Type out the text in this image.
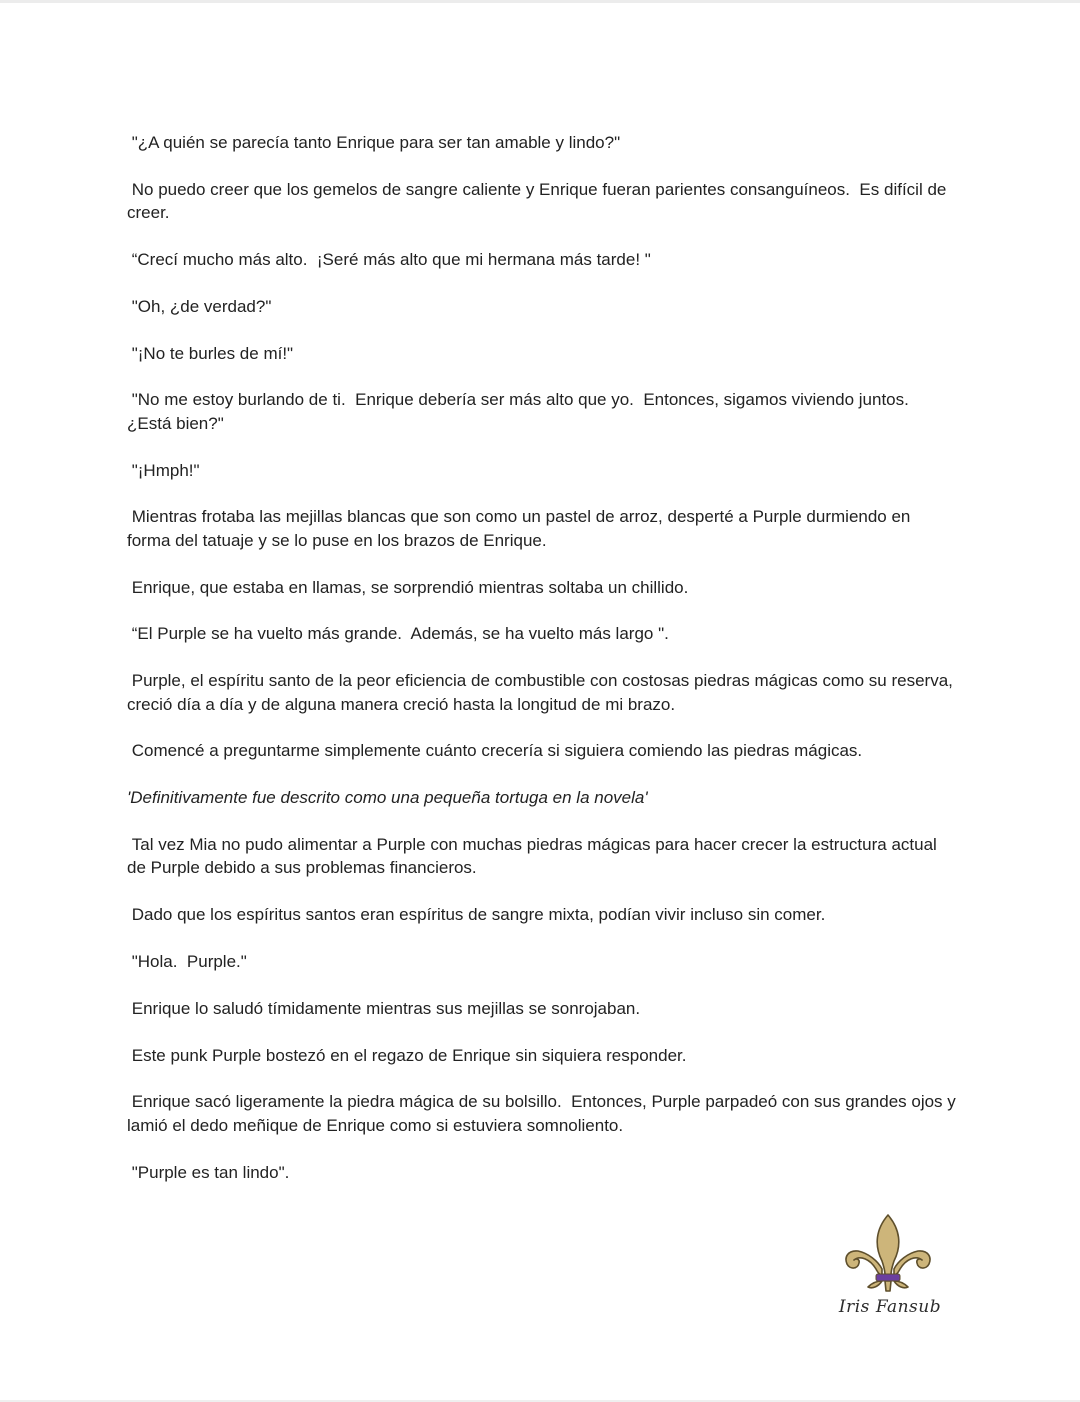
"¿A quién se parecía tanto Enrique para ser tan amable y lindo?"

No puedo creer que los gemelos de sangre caliente y Enrique fueran parientes consanguíneos.  Es difícil de creer.

“Crecí mucho más alto.  ¡Seré más alto que mi hermana más tarde! "

"Oh, ¿de verdad?"

"¡No te burles de mí!"

"No me estoy burlando de ti.  Enrique debería ser más alto que yo.  Entonces, sigamos viviendo juntos.  ¿Está bien?"

"¡Hmph!"

Mientras frotaba las mejillas blancas que son como un pastel de arroz, desperté a Purple durmiendo en forma del tatuaje y se lo puse en los brazos de Enrique.

Enrique, que estaba en llamas, se sorprendió mientras soltaba un chillido.

“El Purple se ha vuelto más grande.  Además, se ha vuelto más largo ".

Purple, el espíritu santo de la peor eficiencia de combustible con costosas piedras mágicas como su reserva, creció día a día y de alguna manera creció hasta la longitud de mi brazo.

Comencé a preguntarme simplemente cuánto crecería si siguiera comiendo las piedras mágicas.

'Definitivamente fue descrito como una pequeña tortuga en la novela'

Tal vez Mia no pudo alimentar a Purple con muchas piedras mágicas para hacer crecer la estructura actual de Purple debido a sus problemas financieros.

Dado que los espíritus santos eran espíritus de sangre mixta, podían vivir incluso sin comer.

"Hola.  Purple."

Enrique lo saludó tímidamente mientras sus mejillas se sonrojaban.

Este punk Purple bostezó en el regazo de Enrique sin siquiera responder.

Enrique sacó ligeramente la piedra mágica de su bolsillo.  Entonces, Purple parpadeó con sus grandes ojos y lamió el dedo meñique de Enrique como si estuviera somnoliento.

"Purple es tan lindo".

Iris Fansub
